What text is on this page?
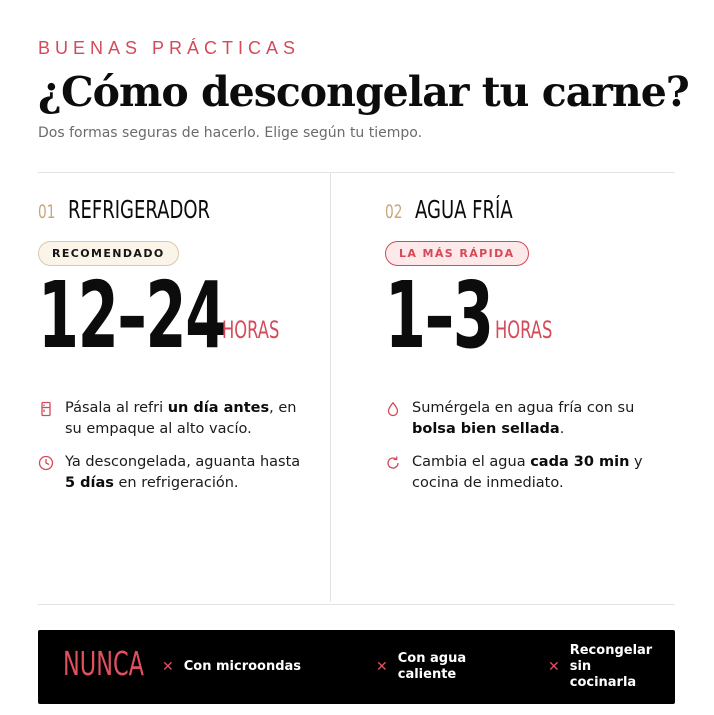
BUENAS PRÁCTICAS
¿Cómo descongelar tu carne?
Dos formas seguras de hacerlo. Elige según tu tiempo.
01 REFRIGERADOR
RECOMENDADO
12–24
HORAS
Pásala al refri un día antes, en su empaque al alto vacío.
Ya descongelada, aguanta hasta 5 días en refrigeración.
02 AGUA FRÍA
LA MÁS RÁPIDA
1–3 HORAS
Sumérgela en agua fría con su bolsa bien sellada.
Cambia el agua cada 30 min y cocina de inmediato.
NUNCA ✕ Con microondas	✕
Con agua caliente	✕
Recongelar sin cocinarla
